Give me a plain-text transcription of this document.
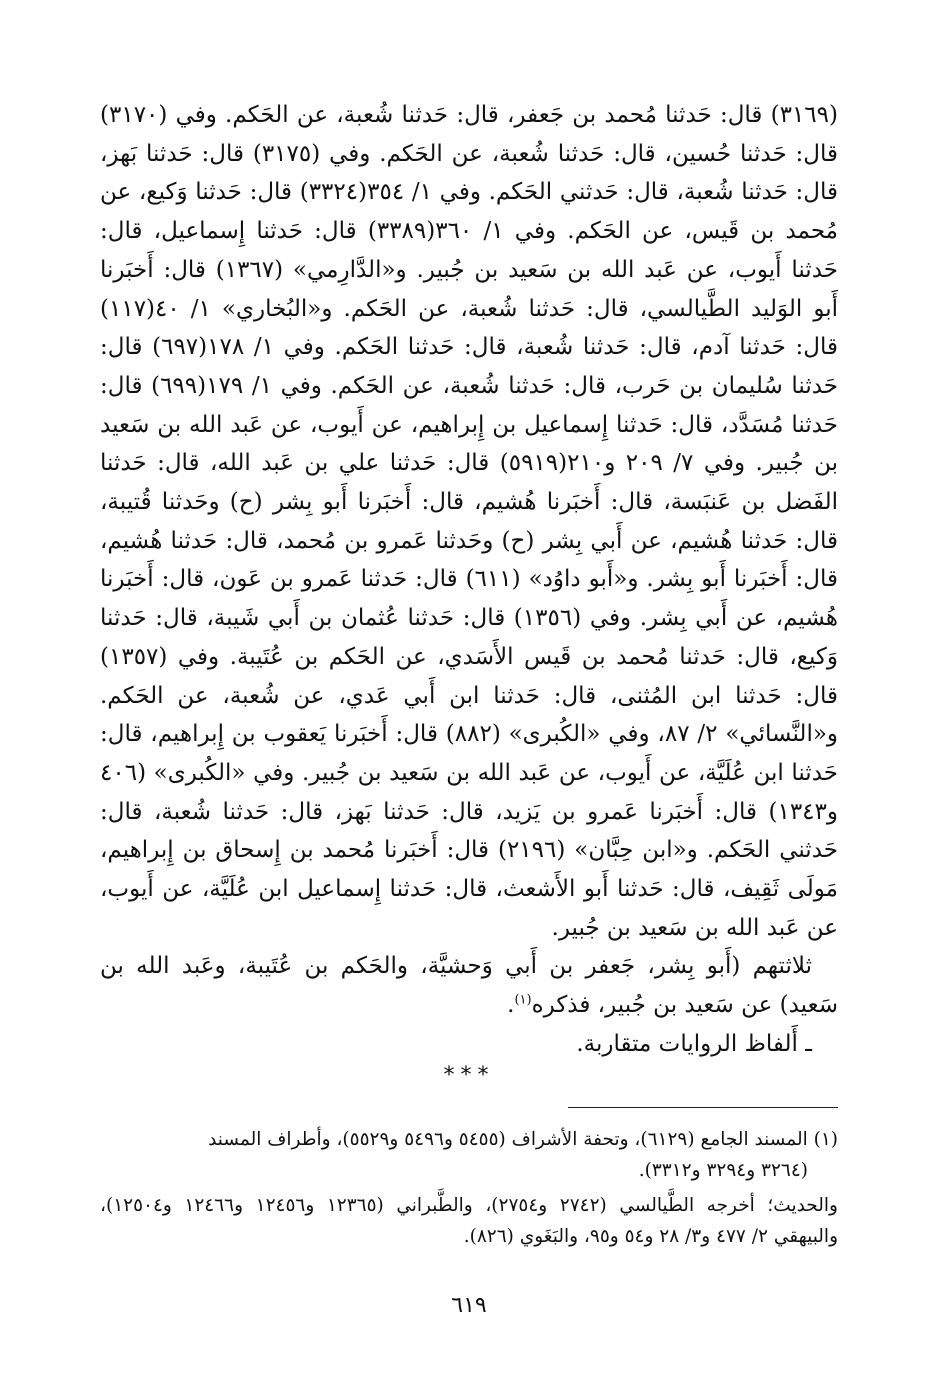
(٣١٦٩) قال: حَدثنا مُحمد بن جَعفر، قال: حَدثنا شُعبة، عن الحَكم. وفي (٣١٧٠) قال: حَدثنا حُسين، قال: حَدثنا شُعبة، عن الحَكم. وفي (٣١٧٥) قال: حَدثنا بَهز، قال: حَدثنا شُعبة، قال: حَدثني الحَكم. وفي ١/ ٣٥٤(٣٣٢٤) قال: حَدثنا وَكيع، عن مُحمد بن قَيس، عن الحَكم. وفي ١/ ٣٦٠(٣٣٨٩) قال: حَدثنا إِسماعيل، قال: حَدثنا أَيوب، عن عَبد الله بن سَعيد بن جُبير. و«الدَّارِمي» (١٣٦٧) قال: أَخبَرنا أَبو الوَليد الطَّيالسي، قال: حَدثنا شُعبة، عن الحَكم. و«البُخاري» ١/ ٤٠(١١٧) قال: حَدثنا آدم، قال: حَدثنا شُعبة، قال: حَدثنا الحَكم. وفي ١/ ١٧٨(٦٩٧) قال: حَدثنا سُليمان بن حَرب، قال: حَدثنا شُعبة، عن الحَكم. وفي ١/ ١٧٩(٦٩٩) قال: حَدثنا مُسَدَّد، قال: حَدثنا إِسماعيل بن إِبراهيم، عن أَيوب، عن عَبد الله بن سَعيد بن جُبير. وفي ٧/ ٢٠٩ و٢١٠(٥٩١٩) قال: حَدثنا علي بن عَبد الله، قال: حَدثنا الفَضل بن عَنبَسة، قال: أَخبَرنا هُشيم، قال: أَخبَرنا أَبو بِشر (ح) وحَدثنا قُتيبة، قال: حَدثنا هُشيم، عن أَبي بِشر (ح) وحَدثنا عَمرو بن مُحمد، قال: حَدثنا هُشيم، قال: أَخبَرنا أَبو بِشر. و«أَبو داوُد» (٦١١) قال: حَدثنا عَمرو بن عَون، قال: أَخبَرنا هُشيم، عن أَبي بِشر. وفي (١٣٥٦) قال: حَدثنا عُثمان بن أَبي شَيبة، قال: حَدثنا وَكيع، قال: حَدثنا مُحمد بن قَيس الأَسَدي، عن الحَكم بن عُتَيبة. وفي (١٣٥٧) قال: حَدثنا ابن المُثنى، قال: حَدثنا ابن أَبي عَدي، عن شُعبة، عن الحَكم. و«النَّسائي» ٢/ ٨٧، وفي «الكُبرى» (٨٨٢) قال: أَخبَرنا يَعقوب بن إِبراهيم، قال: حَدثنا ابن عُلَيَّة، عن أَيوب، عن عَبد الله بن سَعيد بن جُبير. وفي «الكُبرى» (٤٠٦ و١٣٤٣) قال: أَخبَرنا عَمرو بن يَزيد، قال: حَدثنا بَهز، قال: حَدثنا شُعبة، قال: حَدثني الحَكم. و«ابن حِبَّان» (٢١٩٦) قال: أَخبَرنا مُحمد بن إِسحاق بن إِبراهيم، مَولَى ثَقِيف، قال: حَدثنا أَبو الأَشعث، قال: حَدثنا إِسماعيل ابن عُلَيَّة، عن أَيوب، عن عَبد الله بن سَعيد بن جُبير.

ثلاثتهم (أَبو بِشر، جَعفر بن أَبي وَحشيَّة، والحَكم بن عُتَيبة، وعَبد الله بن سَعيد) عن سَعيد بن جُبير، فذكره$^{(١)}$.

ـ أَلفاظ الروايات متقاربة.

***

(١) المسند الجامع (٦١٢٩)، وتحفة الأشراف (٥٤٥٥ و٥٤٩٦ و٥٥٢٩)، وأطراف المسند
(٣٢٦٤ و٣٢٩٤ و٣٣١٢).

والحديث؛ أخرجه الطَّيالسي (٢٧٤٢ و٢٧٥٤)، والطَّبراني (١٢٣٦٥ و١٢٤٥٦ و١٢٤٦٦ و١٢٥٠٤)، والبيهقي ٢/ ٤٧٧ و٣/ ٢٨ و٥٤ و٩٥، والبَغَوي (٨٢٦).

٦١٩
